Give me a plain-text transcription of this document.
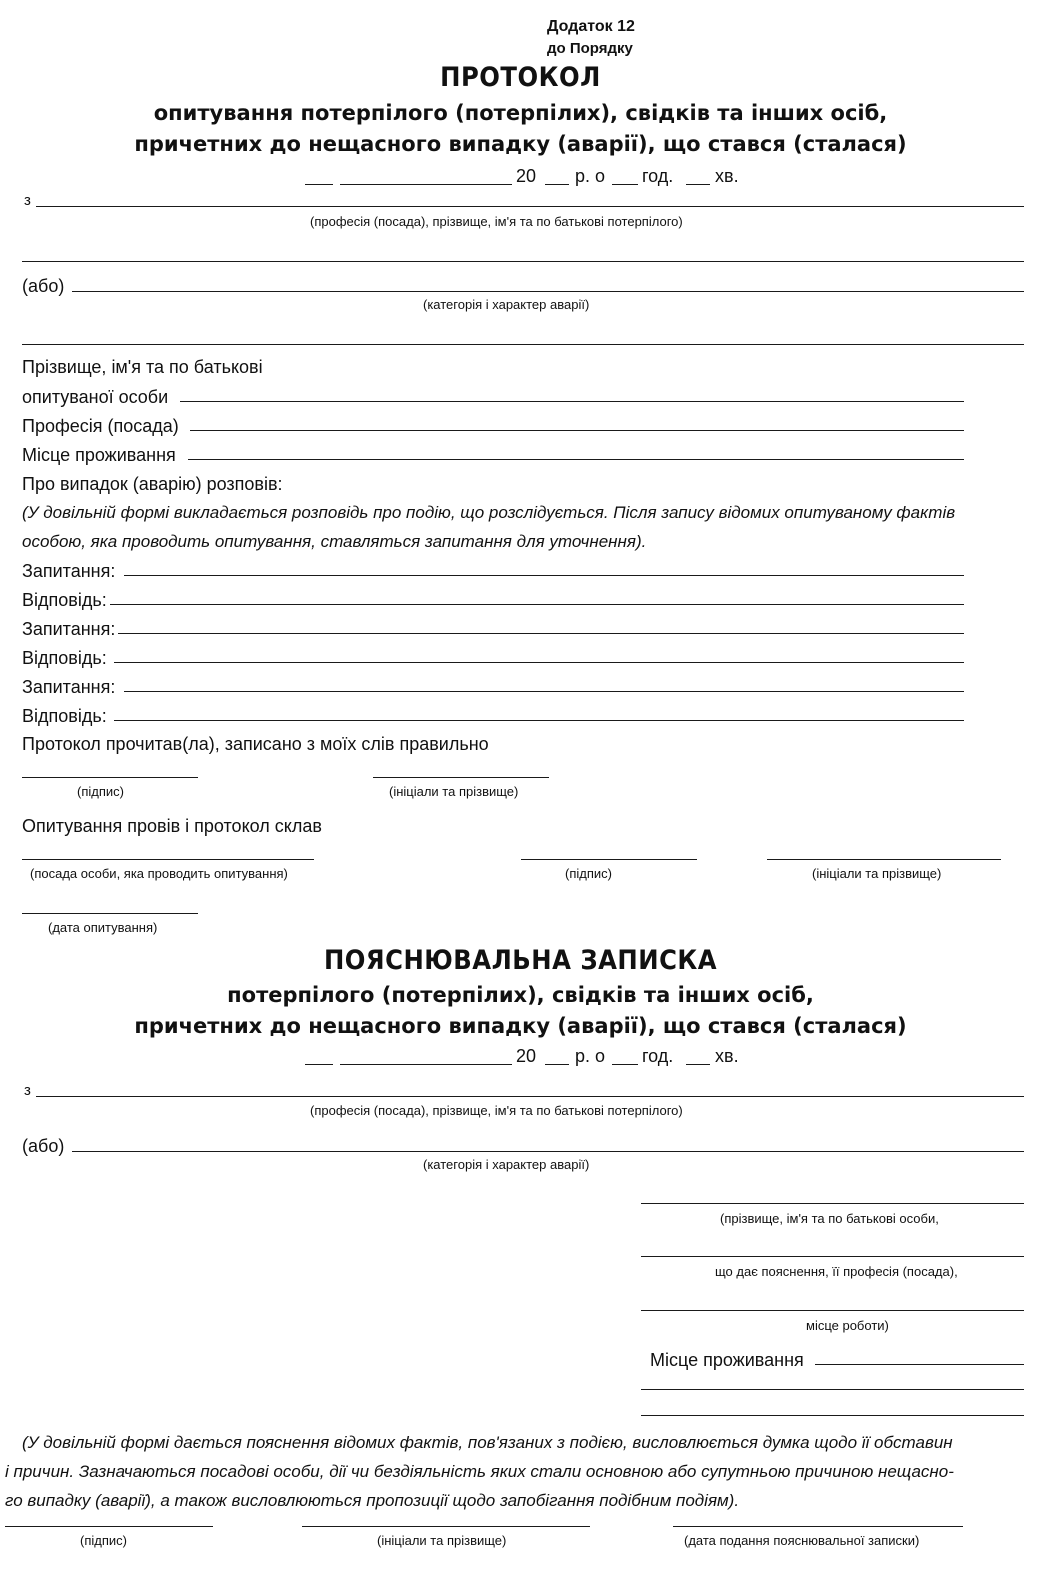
Додаток 12
до Порядку
ПРОТОКОЛ
опитування потерпілого (потерпілих), свідків та інших осіб,
причетних до нещасного випадку (аварії), що стався (сталася)
20 р. о год. хв.
з
(професія (посада), прізвище, ім'я та по батькові потерпілого)
(або)
(категорія і характер аварії)
Прізвище, ім'я та по батькові
опитуваної особи
Професія (посада)
Місце проживання
Про випадок (аварію) розповів:
(У довільній формі викладається розповідь про подію, що розслідується. Після запису відомих опитуваному фактів
особою, яка проводить опитування, ставляться запитання для уточнення).
Запитання:
Відповідь:
Запитання:
Відповідь:
Запитання:
Відповідь:
Протокол прочитав(ла), записано з моїх слів правильно
(підпис)	(ініціали та прізвище)
Опитування провів і протокол склав
(посада особи, яка проводить опитування)	(підпис)	(ініціали та прізвище)
(дата опитування)
ПОЯСНЮВАЛЬНА ЗАПИСКА
потерпілого (потерпілих), свідків та інших осіб,
причетних до нещасного випадку (аварії), що стався (сталася)
20 р. о год. хв.
з
(професія (посада), прізвище, ім'я та по батькові потерпілого)
(або)
(категорія і характер аварії)
(прізвище, ім'я та по батькові особи,
що дає пояснення, її професія (посада),
місце роботи)
Місце проживання
(У довільній формі дається пояснення відомих фактів, пов'язаних з подією, висловлюється думка щодо її обставин
і причин. Зазначаються посадові особи, дії чи бездіяльність яких стали основною або супутньою причиною нещасно-
го випадку (аварії), а також висловлюються пропозиції щодо запобігання подібним подіям).
(підпис)	(ініціали та прізвище)	(дата подання пояснювальної записки)
